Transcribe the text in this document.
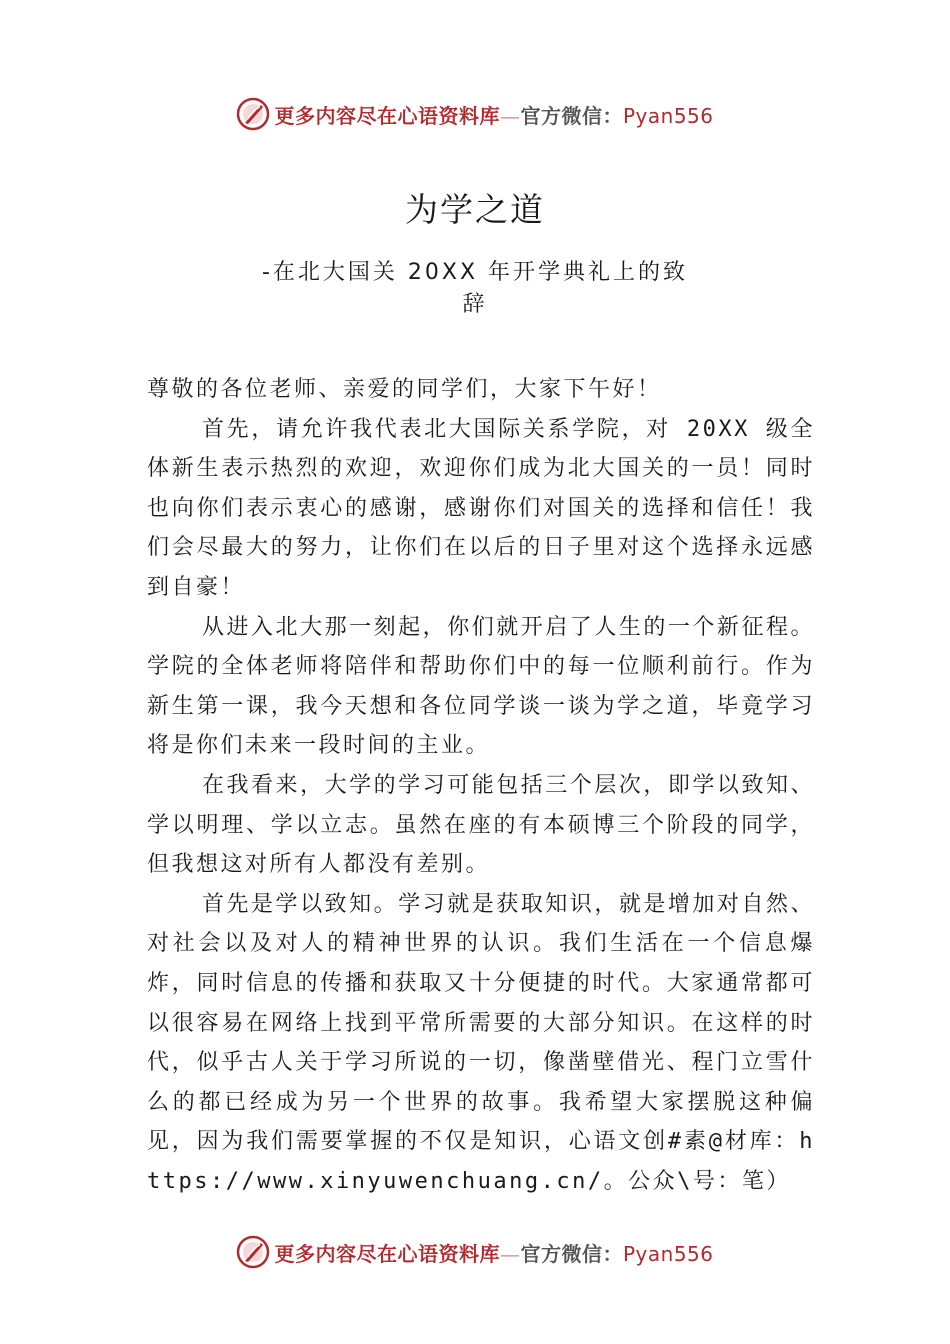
更多内容尽在心语资料库—官方微信：Pyan556
为学之道
-在北大国关 20XX 年开学典礼上的致辞

尊敬的各位老师、亲爱的同学们，大家下午好！

首先，请允许我代表北大国际关系学院，对 20XX 级全体新生表示热烈的欢迎，欢迎你们成为北大国关的一员！同时也向你们表示衷心的感谢，感谢你们对国关的选择和信任！我们会尽最大的努力，让你们在以后的日子里对这个选择永远感到自豪！

从进入北大那一刻起，你们就开启了人生的一个新征程。学院的全体老师将陪伴和帮助你们中的每一位顺利前行。作为新生第一课，我今天想和各位同学谈一谈为学之道，毕竟学习将是你们未来一段时间的主业。

在我看来，大学的学习可能包括三个层次，即学以致知、学以明理、学以立志。虽然在座的有本硕博三个阶段的同学，但我想这对所有人都没有差别。

首先是学以致知。学习就是获取知识，就是增加对自然、对社会以及对人的精神世界的认识。我们生活在一个信息爆炸，同时信息的传播和获取又十分便捷的时代。大家通常都可以很容易在网络上找到平常所需要的大部分知识。在这样的时代，似乎古人关于学习所说的一切，像凿壁借光、程门立雪什么的都已经成为另一个世界的故事。我希望大家摆脱这种偏见，因为我们需要掌握的不仅是知识，心语文创#素@材库：https://www.xinyuwenchuang.cn/。公众\号：笔）

更多内容尽在心语资料库—官方微信：Pyan556
